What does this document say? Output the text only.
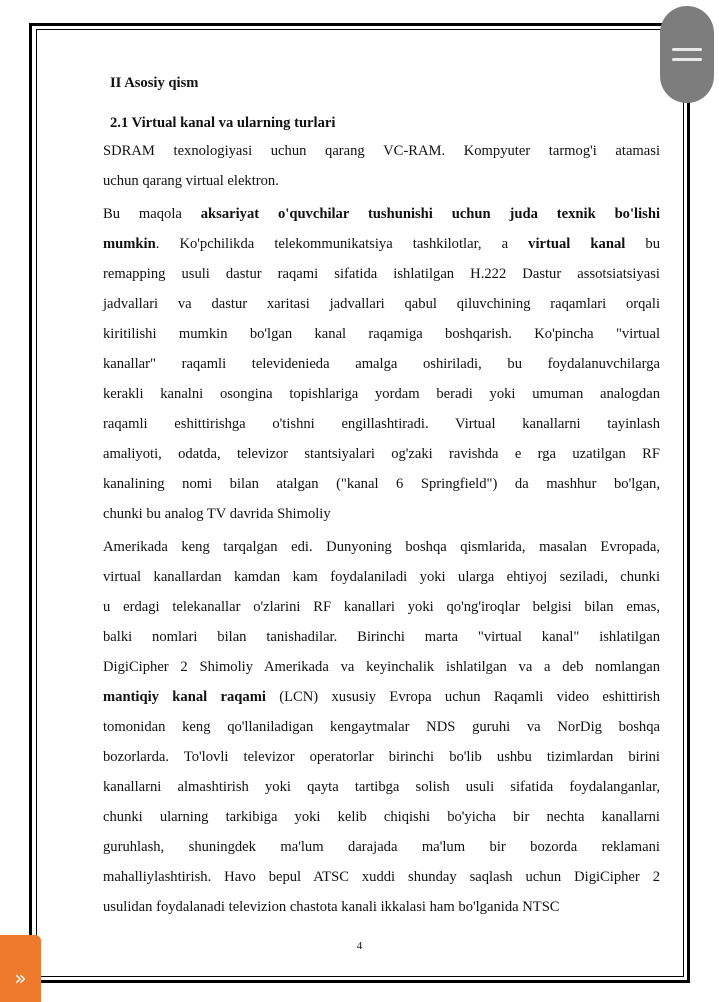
II Asosiy qism
2.1 Virtual kanal va ularning turlari

SDRAM texnologiyasi uchun qarang VC-RAM. Kompyuter tarmog'i atamasi
uchun qarang virtual elektron.

Bu maqola aksariyat o'quvchilar tushunishi uchun juda texnik bo'lishi
mumkin. Ko'pchilikda telekommunikatsiya tashkilotlar, a virtual kanal bu
remapping usuli dastur raqami sifatida ishlatilgan H.222 Dastur assotsiatsiyasi
jadvallari va dastur xaritasi jadvallari qabul qiluvchining raqamlari orqali
kiritilishi mumkin bo'lgan kanal raqamiga boshqarish. Ko'pincha "virtual
kanallar" raqamli televidenieda amalga oshiriladi, bu foydalanuvchilarga
kerakli kanalni osongina topishlariga yordam beradi yoki umuman analogdan
raqamli eshittirishga o'tishni engillashtiradi. Virtual kanallarni tayinlash
amaliyoti, odatda, televizor stantsiyalari og'zaki ravishda e rga uzatilgan RF
kanalining nomi bilan atalgan ("kanal 6 Springfield") da mashhur bo'lgan,
chunki bu analog TV davrida Shimoliy

Amerikada keng tarqalgan edi. Dunyoning boshqa qismlarida, masalan Evropada,
virtual kanallardan kamdan kam foydalaniladi yoki ularga ehtiyoj seziladi, chunki
u erdagi telekanallar o'zlarini RF kanallari yoki qo'ng'iroqlar belgisi bilan emas,
balki nomlari bilan tanishadilar. Birinchi marta "virtual kanal" ishlatilgan
DigiCipher 2 Shimoliy Amerikada va keyinchalik ishlatilgan va a deb nomlangan
mantiqiy kanal raqami (LCN) xususiy Evropa uchun Raqamli video eshittirish
tomonidan keng qo'llaniladigan kengaytmalar NDS guruhi va NorDig boshqa
bozorlarda. To'lovli televizor operatorlar birinchi bo'lib ushbu tizimlardan birini
kanallarni almashtirish yoki qayta tartibga solish usuli sifatida foydalanganlar,
chunki ularning tarkibiga yoki kelib chiqishi bo'yicha bir nechta kanallarni
guruhlash, shuningdek ma'lum darajada ma'lum bir bozorda reklamani
mahalliylashtirish. Havo bepul ATSC xuddi shunday saqlash uchun DigiCipher 2
usulidan foydalanadi televizion chastota kanali ikkalasi ham bo'lganida NTSC

4
»
